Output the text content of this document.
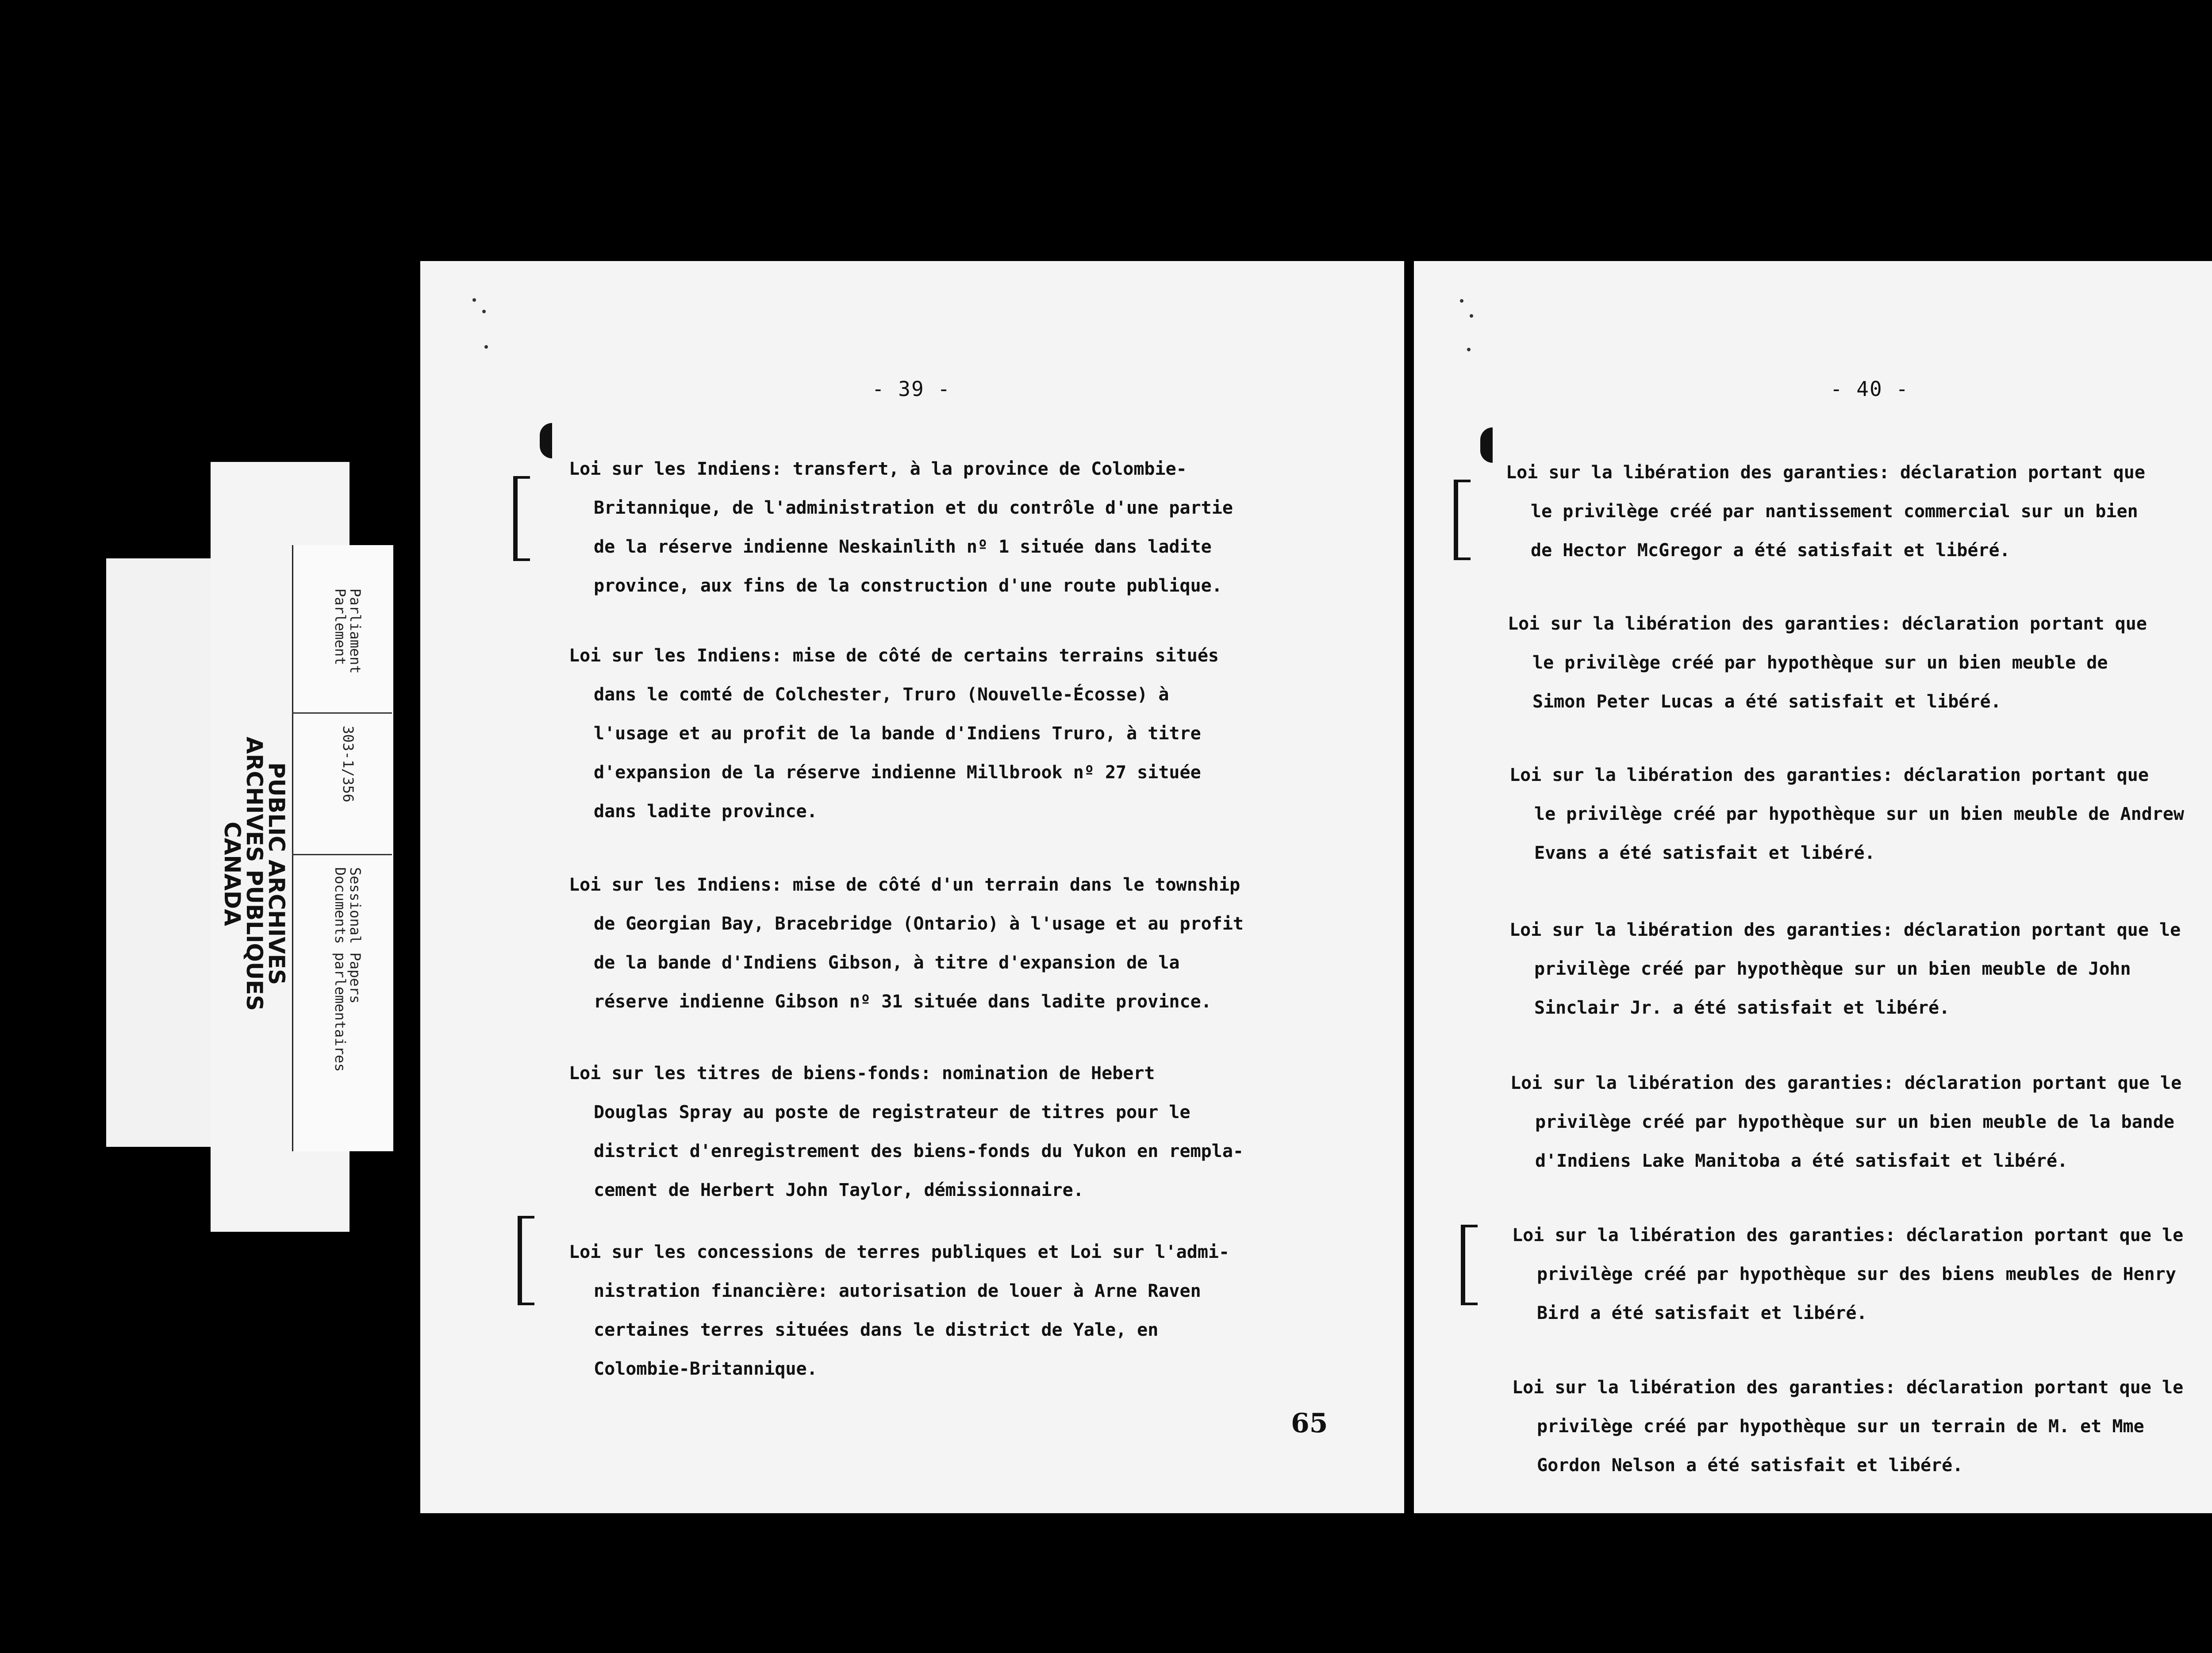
PUBLIC ARCHIVES
ARCHIVES PUBLIQUES
CANADA
Parliament
Parlement
303-1/356
Sessional Papers
Documents parlementaires
- 39 -
Loi sur les Indiens: transfert, à la province de Colombie-
Britannique, de l'administration et du contrôle d'une partie
de la réserve indienne Neskainlith nº 1 située dans ladite
province, aux fins de la construction d'une route publique.
Loi sur les Indiens: mise de côté de certains terrains situés
dans le comté de Colchester, Truro (Nouvelle-Écosse) à
l'usage et au profit de la bande d'Indiens Truro, à titre
d'expansion de la réserve indienne Millbrook nº 27 située
dans ladite province.
Loi sur les Indiens: mise de côté d'un terrain dans le township
de Georgian Bay, Bracebridge (Ontario) à l'usage et au profit
de la bande d'Indiens Gibson, à titre d'expansion de la
réserve indienne Gibson nº 31 située dans ladite province.
Loi sur les titres de biens-fonds: nomination de Hebert
Douglas Spray au poste de registrateur de titres pour le
district d'enregistrement des biens-fonds du Yukon en rempla-
cement de Herbert John Taylor, démissionnaire.
Loi sur les concessions de terres publiques et Loi sur l'admi-
nistration financière: autorisation de louer à Arne Raven
certaines terres situées dans le district de Yale, en
Colombie-Britannique.
65
- 40 -
Loi sur la libération des garanties: déclaration portant que
le privilège créé par nantissement commercial sur un bien
de Hector McGregor a été satisfait et libéré.
Loi sur la libération des garanties: déclaration portant que
le privilège créé par hypothèque sur un bien meuble de
Simon Peter Lucas a été satisfait et libéré.
Loi sur la libération des garanties: déclaration portant que
le privilège créé par hypothèque sur un bien meuble de Andrew
Evans a été satisfait et libéré.
Loi sur la libération des garanties: déclaration portant que le
privilège créé par hypothèque sur un bien meuble de John
Sinclair Jr. a été satisfait et libéré.
Loi sur la libération des garanties: déclaration portant que le
privilège créé par hypothèque sur un bien meuble de la bande
d'Indiens Lake Manitoba a été satisfait et libéré.
Loi sur la libération des garanties: déclaration portant que le
privilège créé par hypothèque sur des biens meubles de Henry
Bird a été satisfait et libéré.
Loi sur la libération des garanties: déclaration portant que le
privilège créé par hypothèque sur un terrain de M. et Mme
Gordon Nelson a été satisfait et libéré.
